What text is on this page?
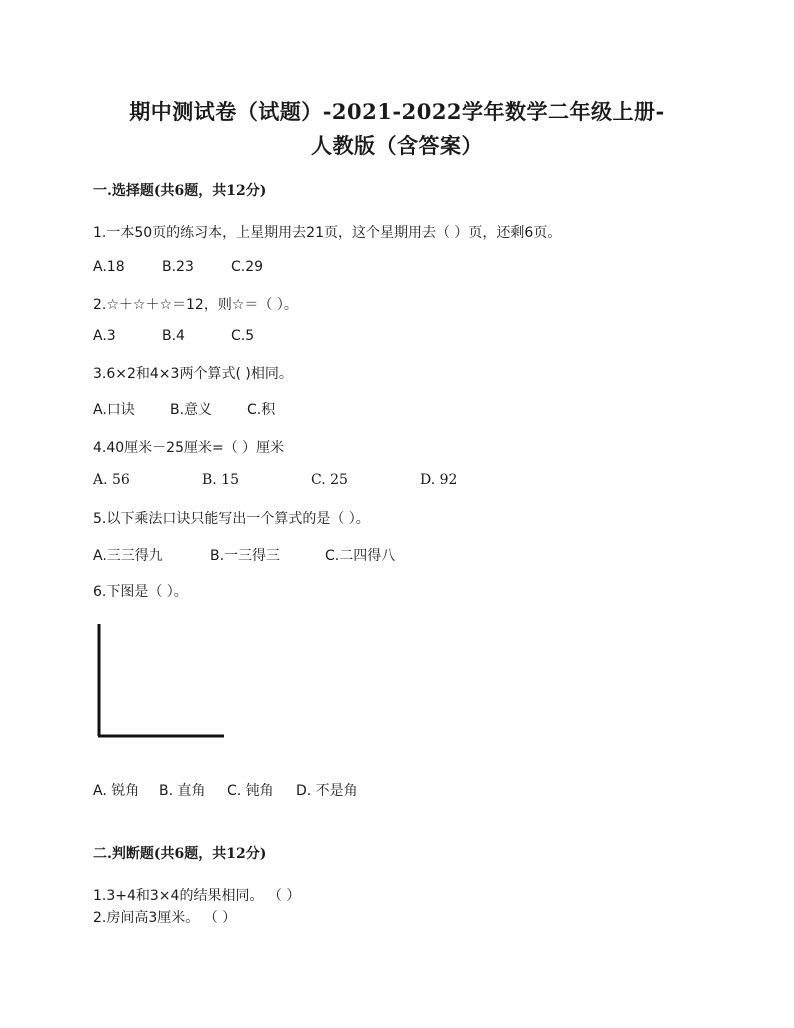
期中测试卷（试题）-2021-2022学年数学二年级上册-
人教版（含答案）
一.选择题(共6题，共12分)
1.一本50页的练习本，上星期用去21页，这个星期用去（ ）页，还剩6页。
A.18	B.23	C.29
2.☆＋☆＋☆＝12，则☆＝（ ）。
A.3	B.4	C.5
3.6×2和4×3两个算式( )相同。
A.口诀	B.意义 C.积
4.40厘米－25厘米=（ ）厘米
A. 56	B. 15	C. 25	D. 92
5.以下乘法口诀只能写出一个算式的是（ ）。
A.三三得九	B.一三得三	C.二四得八
6.下图是（ ）。
A. 锐角 B. 直角 C. 钝角 D. 不是角
二.判断题(共6题，共12分)
1.3+4和3×4的结果相同。 （ ）
2.房间高3厘米。 （ ）
